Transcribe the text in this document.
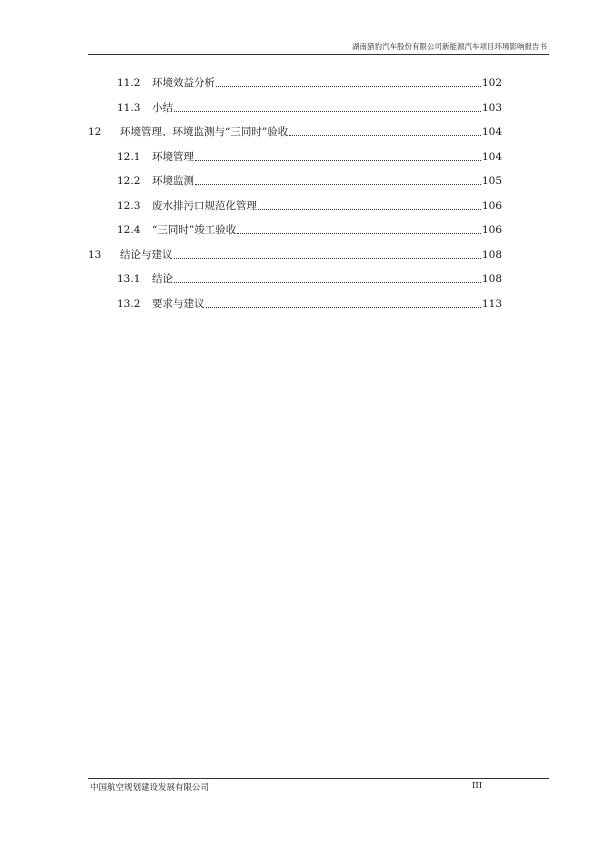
湖南猎豹汽车股份有限公司新能源汽车项目环境影响报告书
11.2	环境效益分析	102
11.3	小结	103
12	环境管理、环境监测与“三同时”验收	104
12.1	环境管理	104
12.2	环境监测	105
12.3	废水排污口规范化管理	106
12.4	“三同时”竣工验收	106
13	结论与建议	108
13.1	结论	108
13.2	要求与建议	113
中国航空规划建设发展有限公司	III
